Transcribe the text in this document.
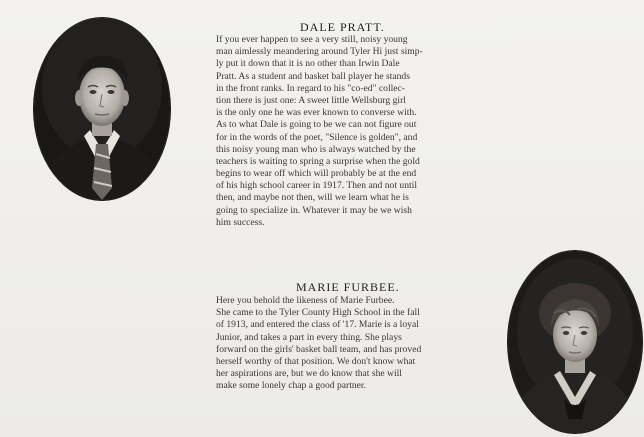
DALE PRATT.
If you ever happen to see a very still, noisy young
man aimlessly meandering around Tyler Hi just simp-
ly put it down that it is no other than Irwin Dale
Pratt. As a student and basket ball player he stands
in the front ranks. In regard to his "co-ed" collec-
tion there is just one: A sweet little Wellsburg girl
is the only one he was ever known to converse with.
As to what Dale is going to be we can not figure out
for in the words of the poet, "Silence is golden", and
this noisy young man who is always watched by the
teachers is waiting to spring a surprise when the gold
begins to wear off which will probably be at the end
of his high school career in 1917. Then and not until
then, and maybe not then, will we learn what he is
going to specialize in. Whatever it may be we wish
him success.
MARIE FURBEE.
Here you behold the likeness of Marie Furbee.
She came to the Tyler County High School in the fall
of 1913, and entered the class of '17. Marie is a loyal
Junior, and takes a part in every thing. She plays
forward on the girls' basket ball team, and has proved
herself worthy of that position. We don't know what
her aspirations are, but we do know that she will
make some lonely chap a good partner.
